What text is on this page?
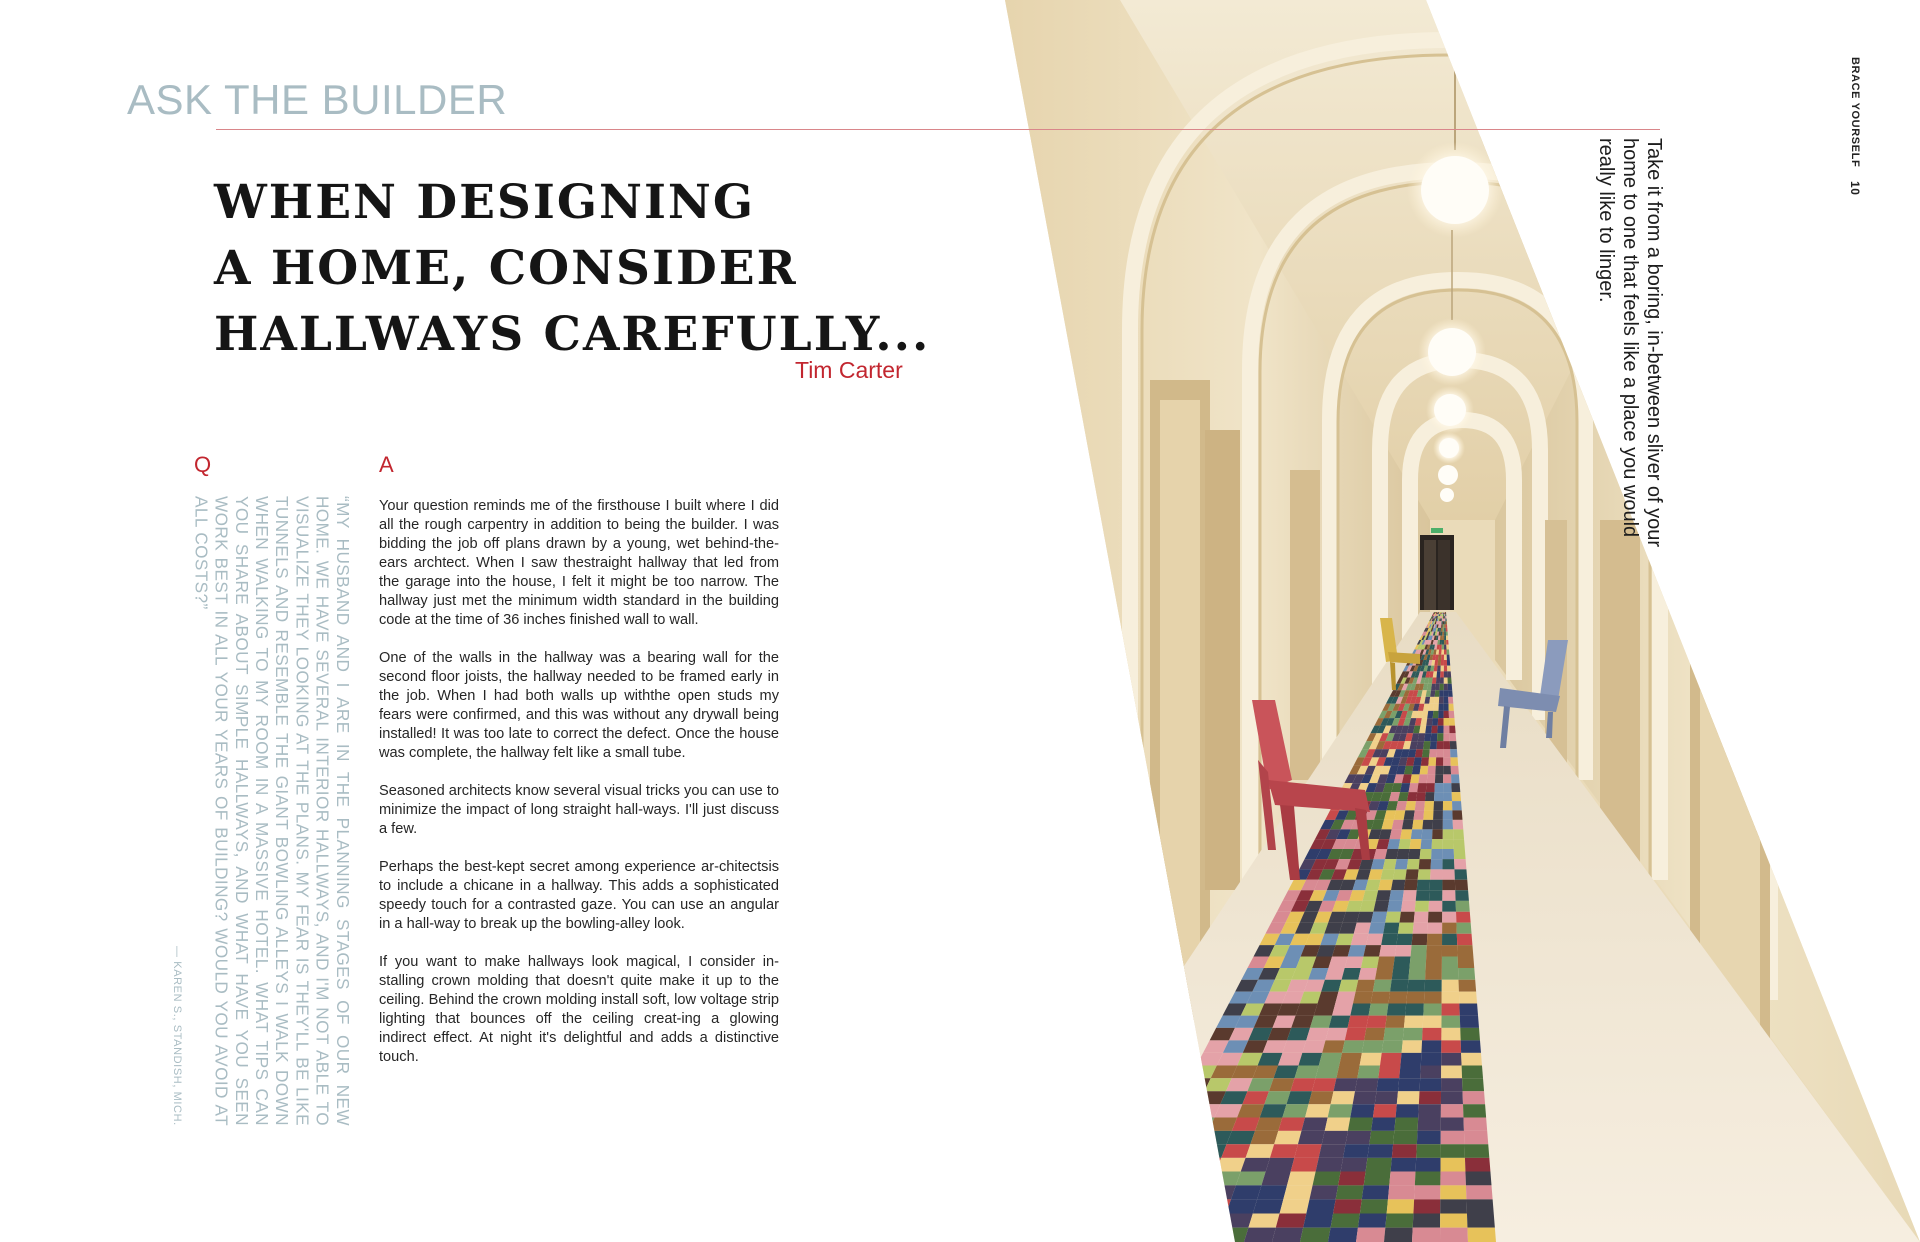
ASK THE BUILDER
WHEN DESIGNING
A HOME, CONSIDER
HALLWAYS CAREFULLY...
Tim Carter
Q	A
“MY HUSBAND AND I ARE IN THE PLANNING STAGES OF OUR NEW HOME. WE HAVE SEVERAL INTERIOR HALLWAYS, AND I'M NOT ABLE TO VISUALIZE THEY LOOKING AT THE PLANS. MY FEAR IS THEY'LL BE LIKE TUNNELS AND RESEMBLE THE GIANT BOWLING ALLEYS I WALK DOWN WHEN WALKING TO MY ROOM IN A MASSIVE HOTEL. WHAT TIPS CAN YOU SHARE ABOUT SIMPLE HALLWAYS, AND WHAT HAVE YOU SEEN WORK BEST IN ALL YOUR YEARS OF BUILDING? WOULD YOU AVOID AT ALL COSTS?”
— KAREN S., STANDISH, MICH.

Your question reminds me of the firsthouse I built where I did all the rough carpentry in addition to being the builder. I was bidding the job off plans drawn by a young, wet behind-the-ears archtect. When I saw thestraight hallway that led from the garage into the house, I felt it might be too narrow. The hallway just met the minimum width standard in the building code at the time of 36 inches finished wall to wall.

One of the walls in the hallway was a bearing wall for the second floor joists, the hallway needed to be framed early in the job. When I had both walls up withthe open studs my fears were confirmed, and this was without any drywall being installed! It was too late to correct the defect. Once the house was complete, the hallway felt like a small tube.

Seasoned architects know several visual tricks you can use to minimize the impact of long straight hall-ways. I'll just discuss a few.

Perhaps the best-kept secret among experience ar-chitectsis to include a chicane in a hallway. This adds a sophisticated speedy touch for a contrasted gaze. You can use an angular in a hall-way to break up the bowling-alley look.

If you want to make hallways look magical, I consider in-stalling crown molding that doesn't quite make it up to the ceiling. Behind the crown molding install soft, low voltage strip lighting that bounces off the ceiling creat-ing a glowing indirect effect. At night it's delightful and adds a distinctive touch.

Take it from a boring, in-between sliver of your home to one that feels like a place you would really like to linger.
BRACE YOURSELF 10
